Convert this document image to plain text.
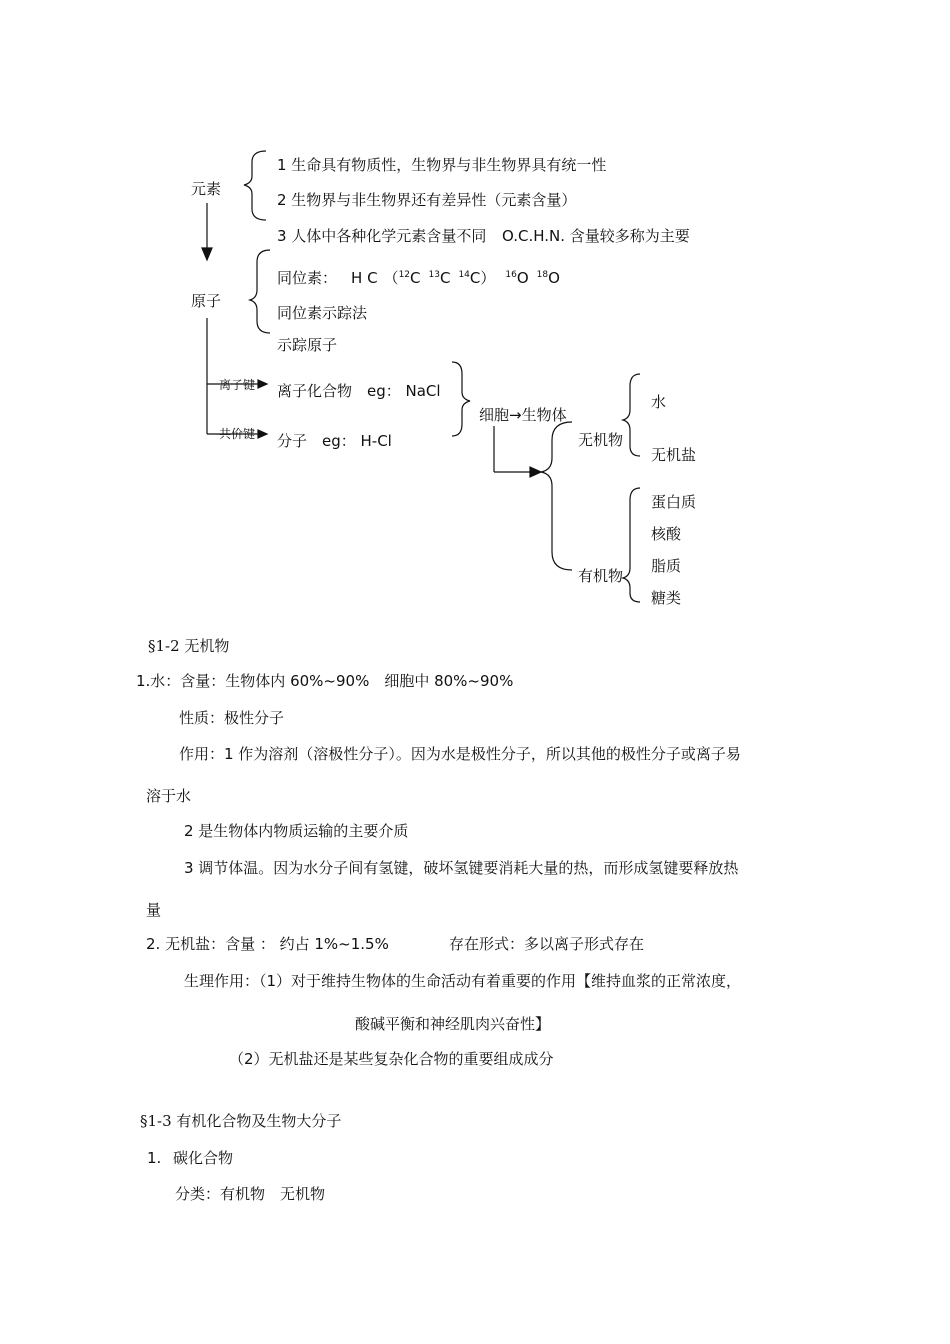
元素
1 生命具有物质性，生物界与非生物界具有统一性
2 生物界与非生物界还有差异性（元素含量）
3 人体中各种化学元素含量不同 O.C.H.N. 含量较多称为主要
原子
同位素： H C （$^{12}$C $^{13}$C $^{14}$C） $^{16}$O $^{18}$O
同位素示踪法
示踪原子
离子键
共价键
离子化合物　eg： NaCl
分子　eg： H-Cl
细胞→生物体
无机物
有机物
水
无机盐
蛋白质
核酸
脂质
糖类
§1-2 无机物
1.水：含量：生物体内 60%~90%　细胞中 80%~90%
性质：极性分子
作用：1 作为溶剂（溶极性分子）。因为水是极性分子，所以其他的极性分子或离子易
溶于水
2 是生物体内物质运输的主要介质
3 调节体温。因为水分子间有氢键，破坏氢键要消耗大量的热，而形成氢键要释放热
量
2. 无机盐：含量 ： 约占 1%~1.5%	存在形式：多以离子形式存在
生理作用：（1）对于维持生物体的生命活动有着重要的作用【维持血浆的正常浓度，
酸碱平衡和神经肌肉兴奋性】
（2）无机盐还是某些复杂化合物的重要组成成分
§1-3 有机化合物及生物大分子
1. 碳化合物
分类：有机物　无机物
